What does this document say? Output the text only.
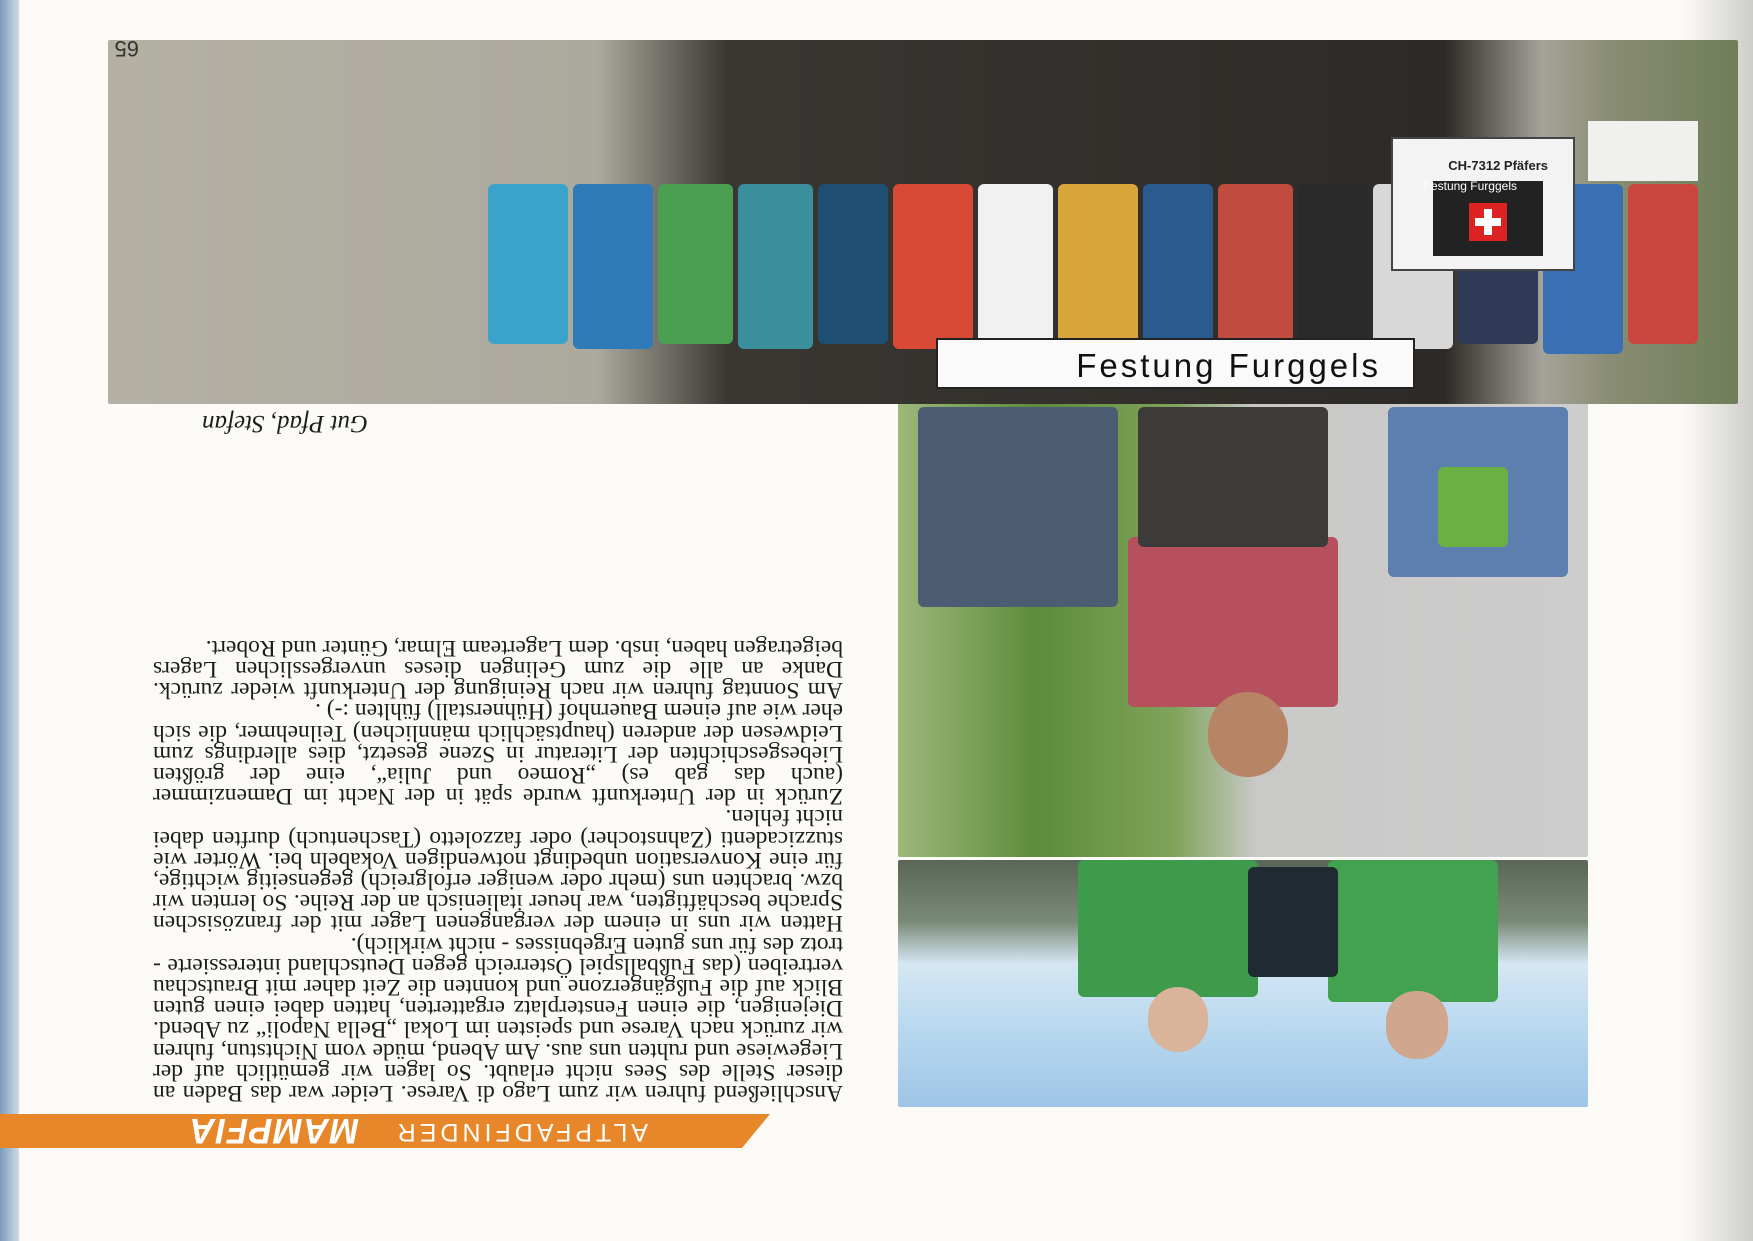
ALTPFADFINDER
MAMPFIA

Anschließend fuhren wir zum Lago di Varese. Leider war das Baden an dieser Stelle des Sees nicht erlaubt. So lagen wir gemütlich auf der Liegewiese und ruhten uns aus. Am Abend, müde vom Nichtstun, fuhren wir zurück nach Varese und speisten im Lokal „Bella Napoli“ zu Abend. Diejenigen, die einen Fensterplatz ergatterten, hatten dabei einen guten Blick auf die Fußgängerzone und konnten die Zeit daher mit Brautschau vertreiben (das Fußballspiel Österreich gegen Deutschland interessierte - trotz des für uns guten Ergebnisses - nicht wirklich).

Hatten wir uns in einem der vergangenen Lager mit der französischen Sprache beschäftigten, war heuer italienisch an der Reihe. So lernten wir bzw. brachten uns (mehr oder weniger erfolgreich) gegenseitig wichtige, für eine Konversation unbedingt notwendigen Vokabeln bei. Wörter wie stuzzicadenti (Zahnstocher) oder fazzoletto (Taschentuch) durften dabei nicht fehlen.

Zurück in der Unterkunft wurde spät in der Nacht im Damenzimmer (auch das gab es) „Romeo und Julia“, eine der größten Liebesgeschichten der Literatur in Szene gesetzt, dies allerdings zum Leidwesen der anderen (hauptsächlich männlichen) Teilnehmer, die sich eher wie auf einem Bauernhof (Hühnerstall) fühlten :-) .

Am Sonntag fuhren wir nach Reinigung der Unterkunft wieder zurück. Danke an alle die zum Gelingen dieses unvergesslichen Lagers beigetragen haben, insb. dem Lagerteam Elmar, Günter und Robert.

Gut Pfad, Stefan
Festung Furggels
Festung Furggels
CH-7312 Pfäfers
65
